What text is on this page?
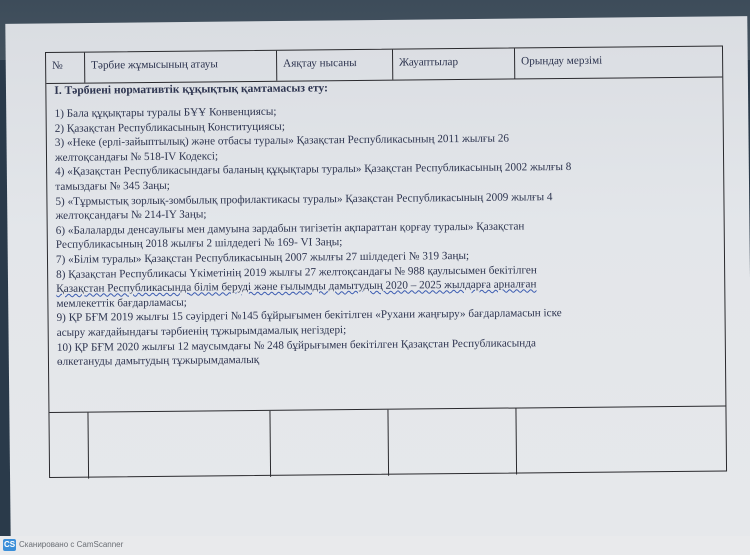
№	Тәрбие жұмысының атауы	Аяқтау нысаны	Жауаптылар	Орындау мерзімі
I. Тәрбиені нормативтік құқықтық қамтамасыз ету:
1) Бала құқықтары туралы БҰҰ Конвенциясы;
2) Қазақстан Республикасының Конституциясы;
3) «Неке (ерлі-зайыптылық) және отбасы туралы» Қазақстан Республикасының 2011 жылғы 26
желтоқсандағы № 518-IV Кодексі;
4) «Қазақстан Республикасындағы баланың құқықтары туралы» Қазақстан Республикасының 2002 жылғы 8
тамыздағы № 345 Заңы;
5) «Тұрмыстық зорлық-зомбылық профилактикасы туралы» Қазақстан Республикасының 2009 жылғы 4
желтоқсандағы № 214-IY Заңы;
6) «Балаларды денсаулығы мен дамуына зардабын тигізетін ақпараттан қорғау туралы» Қазақстан
Республикасының 2018 жылғы 2 шілдедегі № 169- VI Заңы;
7) «Білім туралы» Қазақстан Республикасының 2007 жылғы 27 шілдедегі № 319 Заңы;
8) Қазақстан Республикасы Үкіметінің 2019 жылғы 27 желтоқсандағы № 988 қаулысымен бекітілген
Қазақстан Республикасында білім беруді және ғылымды дамытудың 2020 – 2025 жылдарға арналған
мемлекеттік бағдарламасы;
9) ҚР БҒМ 2019 жылғы 15 сәуірдегі №145 бұйрығымен бекітілген «Рухани жаңғыру» бағдарламасын іске
асыру жағдайындағы тәрбиенің тұжырымдамалық негіздері;
10) ҚР БҒМ 2020 жылғы 12 маусымдағы № 248 бұйрығымен бекітілген Қазақстан Республикасында
өлкетануды дамытудың тұжырымдамалық
CS Сканировано с CamScanner
